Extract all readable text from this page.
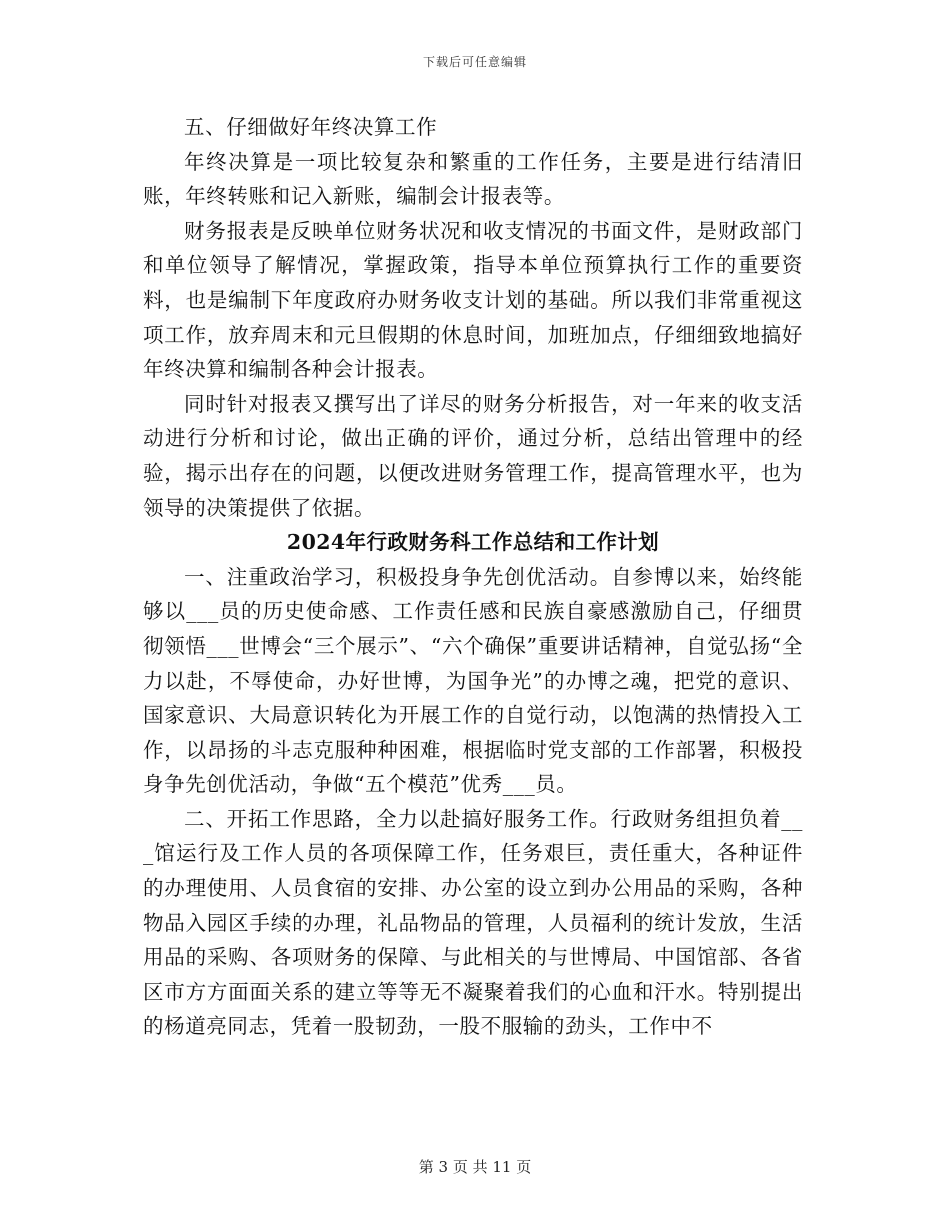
下载后可任意编辑

五、仔细做好年终决算工作

年终决算是一项比较复杂和繁重的工作任务，主要是进行结清旧账，年终转账和记入新账，编制会计报表等。

财务报表是反映单位财务状况和收支情况的书面文件，是财政部门和单位领导了解情况，掌握政策，指导本单位预算执行工作的重要资料，也是编制下年度政府办财务收支计划的基础。所以我们非常重视这项工作，放弃周末和元旦假期的休息时间，加班加点，仔细细致地搞好年终决算和编制各种会计报表。

同时针对报表又撰写出了详尽的财务分析报告，对一年来的收支活动进行分析和讨论，做出正确的评价，通过分析，总结出管理中的经验，揭示出存在的问题，以便改进财务管理工作，提高管理水平，也为领导的决策提供了依据。

2024年行政财务科工作总结和工作计划

一、注重政治学习，积极投身争先创优活动。自参博以来，始终能够以___员的历史使命感、工作责任感和民族自豪感激励自己，仔细贯彻领悟___世博会“三个展示”、“六个确保”重要讲话精神，自觉弘扬“全力以赴，不辱使命，办好世博，为国争光”的办博之魂，把党的意识、国家意识、大局意识转化为开展工作的自觉行动，以饱满的热情投入工作，以昂扬的斗志克服种种困难，根据临时党支部的工作部署，积极投身争先创优活动，争做“五个模范”优秀___员。

二、开拓工作思路，全力以赴搞好服务工作。行政财务组担负着___馆运行及工作人员的各项保障工作，任务艰巨，责任重大，各种证件的办理使用、人员食宿的安排、办公室的设立到办公用品的采购，各种物品入园区手续的办理，礼品物品的管理，人员福利的统计发放，生活用品的采购、各项财务的保障、与此相关的与世博局、中国馆部、各省区市方方面面关系的建立等等无不凝聚着我们的心血和汗水。特别提出的杨道亮同志，凭着一股韧劲，一股不服输的劲头，工作中不

第 3 页 共 11 页
